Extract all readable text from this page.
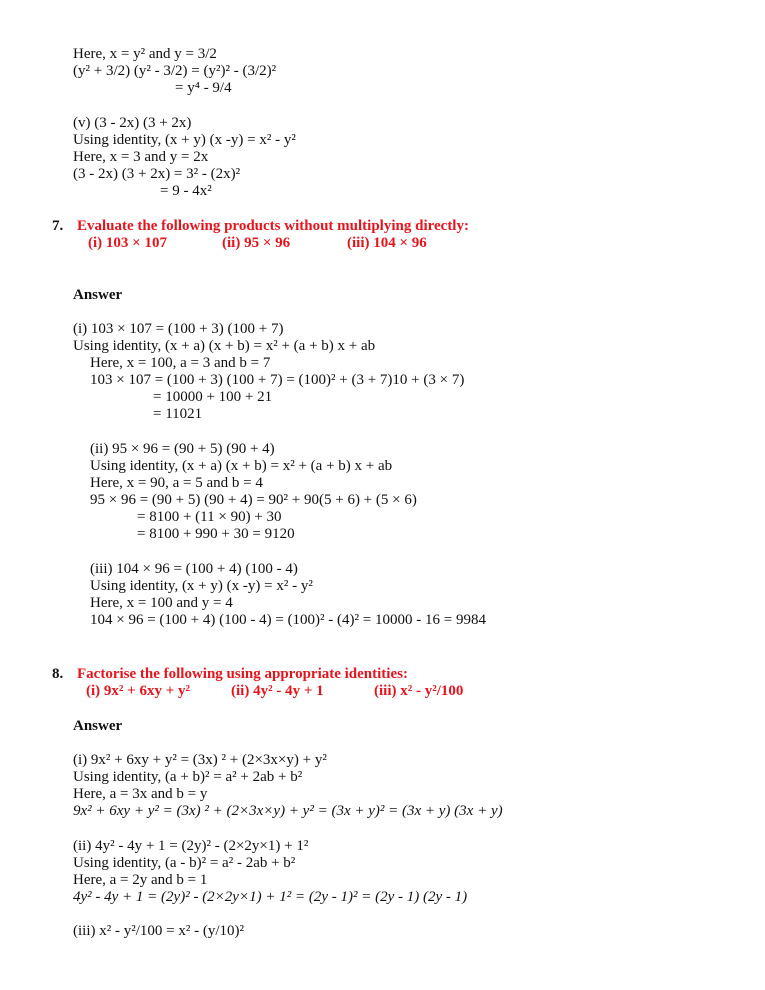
Here, x = y² and y = 3/2
(y² + 3/2) (y² - 3/2) = (y²)² - (3/2)²
= y⁴ - 9/4
(v) (3 - 2x) (3 + 2x)
Using identity, (x + y) (x -y) = x² - y²
Here, x = 3 and y = 2x
(3 - 2x) (3 + 2x) = 3² - (2x)²
= 9 - 4x²
7. Evaluate the following products without multiplying directly:
(i) 103 × 107	(ii) 95 × 96	(iii) 104 × 96
Answer
(i) 103 × 107 = (100 + 3) (100 + 7)
Using identity, (x + a) (x + b) = x² + (a + b) x + ab
Here, x = 100, a = 3 and b = 7
103 × 107 = (100 + 3) (100 + 7) = (100)² + (3 + 7)10 + (3 × 7)
= 10000 + 100 + 21
= 11021
(ii) 95 × 96 = (90 + 5) (90 + 4)
Using identity, (x + a) (x + b) = x² + (a + b) x + ab
Here, x = 90, a = 5 and b = 4
95 × 96 = (90 + 5) (90 + 4) = 90² + 90(5 + 6) + (5 × 6)
= 8100 + (11 × 90) + 30
= 8100 + 990 + 30 = 9120
(iii) 104 × 96 = (100 + 4) (100 - 4)
Using identity, (x + y) (x -y) = x² - y²
Here, x = 100 and y = 4
104 × 96 = (100 + 4) (100 - 4) = (100)² - (4)² = 10000 - 16 = 9984
8. Factorise the following using appropriate identities:
(i) 9x² + 6xy + y²	(ii) 4y² - 4y + 1	(iii) x² - y²/100
Answer
(i) 9x² + 6xy + y² = (3x) ² + (2×3x×y) + y²
Using identity, (a + b)² = a² + 2ab + b²
Here, a = 3x and b = y
9x² + 6xy + y² = (3x) ² + (2×3x×y) + y² = (3x + y)² = (3x + y) (3x + y)
(ii) 4y² - 4y + 1 = (2y)² - (2×2y×1) + 1²
Using identity, (a - b)² = a² - 2ab + b²
Here, a = 2y and b = 1
4y² - 4y + 1 = (2y)² - (2×2y×1) + 1² = (2y - 1)² = (2y - 1) (2y - 1)
(iii) x² - y²/100 = x² - (y/10)²
